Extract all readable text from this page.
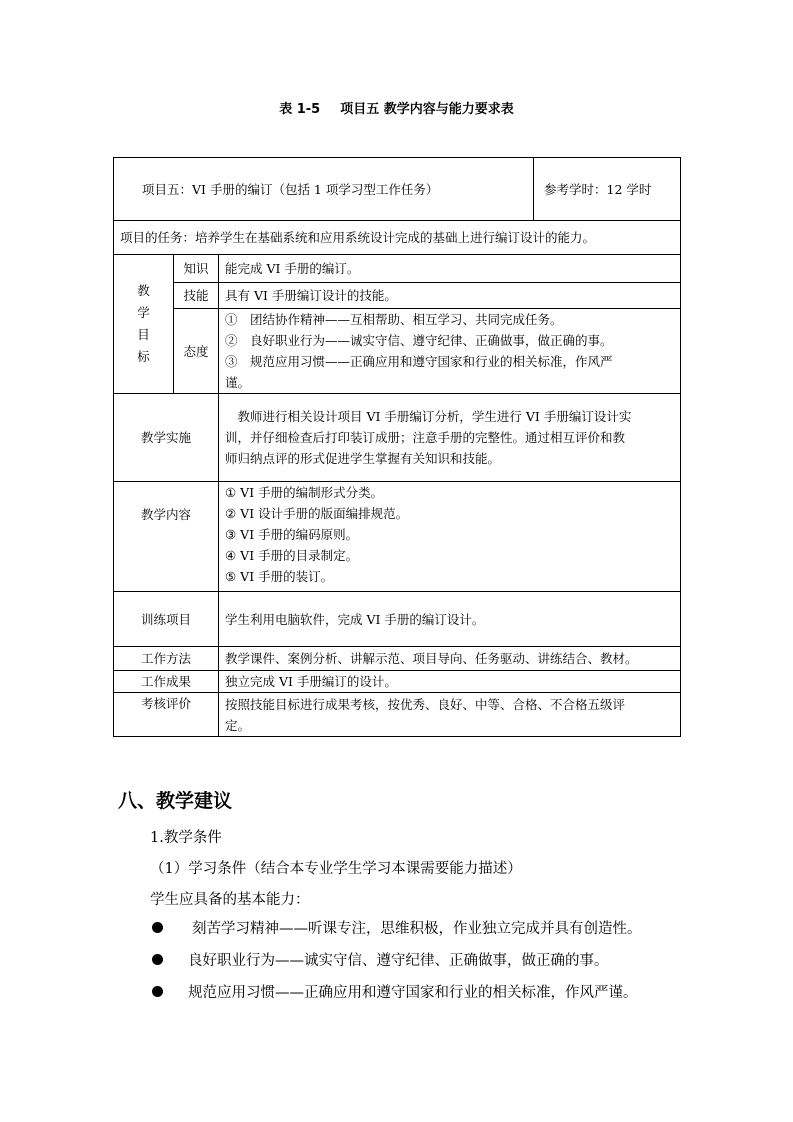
表 1-5 项目五 教学内容与能力要求表
项目五：VI 手册的编订（包括 1 项学习型工作任务）			参考学时：12 学时
项目的任务：培养学生在基础系统和应用系统设计完成的基础上进行编订设计的能力。			

教
学
目
标	知识	能完成 VI 手册的编订。	
	技能	具有 VI 手册编订设计的技能。	
	态度	①　团结协作精神——互相帮助、相互学习、共同完成任务。
②　良好职业行为——诚实守信、遵守纪律、正确做事，做正确的事。
③　规范应用习惯——正确应用和遵守国家和行业的相关标准，作风严
谨。	

教学实施		　教师进行相关设计项目 VI 手册编订分析，学生进行 VI 手册编订设计实
训，并仔细检查后打印装订成册；注意手册的完整性。通过相互评价和教
师归纳点评的形式促进学生掌握有关知识和技能。	

教学内容		① VI 手册的编制形式分类。
② VI 设计手册的版面编排规范。
③ VI 手册的编码原则。
④ VI 手册的目录制定。
⑤ VI 手册的装订。	

训练项目		学生利用电脑软件，完成 VI 手册的编订设计。	
工作方法		教学课件、案例分析、讲解示范、项目导向、任务驱动、讲练结合、教材。	
工作成果		独立完成 VI 手册编订的设计。	
考核评价		按照技能目标进行成果考核，按优秀、良好、中等、合格、不合格五级评
定。	
八、教学建议
1.教学条件
（1）学习条件（结合本专业学生学习本课需要能力描述）
学生应具备的基本能力：
刻苦学习精神——听课专注，思维积极，作业独立完成并具有创造性。
良好职业行为——诚实守信、遵守纪律、正确做事，做正确的事。
规范应用习惯——正确应用和遵守国家和行业的相关标准，作风严谨。
